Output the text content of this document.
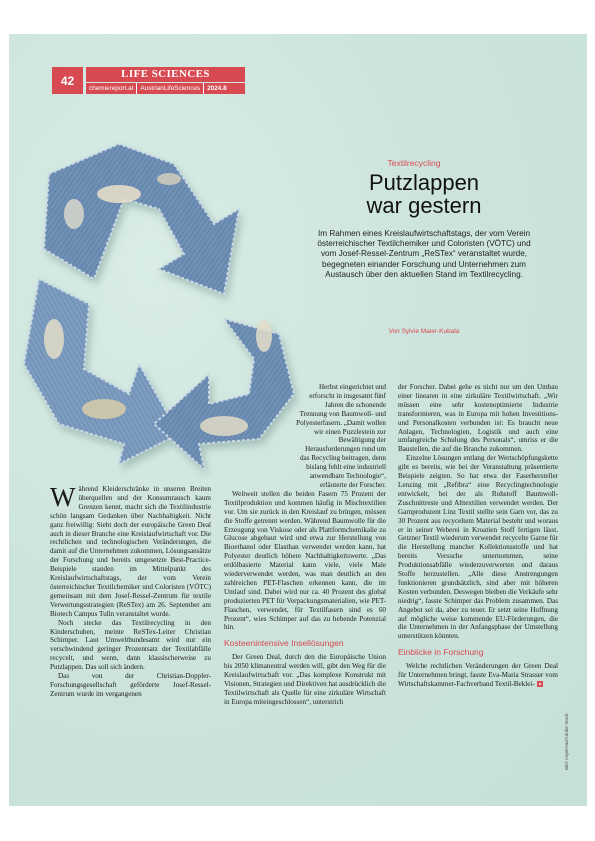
42	LIFE SCIENCES
chemiereport.at	AustrianLifeSciences	2024.8
Textilrecycling
Putzlappen
war gestern
Im Rahmen eines Kreislaufwirtschaftstags, der vom Verein österreichischer Textilchemiker und Coloristen (VÖTC) und vom Josef-Ressel-Zentrum „ReSTex“ veranstaltet wurde, begegneten einander Forschung und Unternehmen zum Austausch über den aktuellen Stand im Textilrecycling.
Von Sylvie Maier-Kubala

Während Kleiderschränke in unseren Breiten überquellen und der Konsumrausch kaum Grenzen kennt, macht sich die Textilindustrie schön langsam Gedanken über Nachhaltigkeit. Nicht ganz freiwillig: Sieht doch der europäische Green Deal auch in dieser Branche eine Kreislaufwirtschaft vor. Die rechtlichen und technologischen Veränderungen, die damit auf die Unternehmen zukommen, Lösungsansätze der Forschung und bereits umgesetzte Best-Practice-Beispiele standen im Mittelpunkt des Kreislaufwirtschaftstags, der vom Verein österreichischer Textilchemiker und Coloristen (VÖTC) gemeinsam mit dem Josef-Ressel-Zentrum für textile Verwertungsstrategien (ReSTex) am 26. September am Biotech Campus Tulln veranstaltet wurde.

Noch stecke das Textilrecycling in den Kinderschuhen, meinte ReSTex-Leiter Christian Schimper. Laut Umweltbundesamt wird nur ein verschwindend geringer Prozentsatz der Textilabfälle recycelt, und wenn, dann klassischerweise zu Putzlappen. Das soll sich ändern.

Das von der Christian-Doppler-Forschungsgesellschaft geförderte Josef-Ressel-Zentrum wurde im vergangenen

Herbst eingerichtet und erforscht in insgesamt fünf Jahren die schonende Trennung von Baumwoll- und Polyesterfasern. „Damit wollen wir einen Puzzlestein zur Bewältigung der Herausforderungen rund um das Recycling beitragen, denn bislang fehlt eine industriell anwendbare Technologie“, erläuterte der Forscher.

Weltweit stellen die beiden Fasern 75 Prozent der Textilproduktion und kommen häufig in Mischtextilien vor. Um sie zurück in den Kreislauf zu bringen, müssen die Stoffe getrennt werden. Während Baumwolle für die Erzeugung von Viskose oder als Plattformchemikalie zu Glucose abgebaut wird und etwa zur Herstellung von Bioethanol oder Elasthan verwendet werden kann, hat Polyester deutlich höhere Nachhaltigkeitswerte. „Das erdölbasierte Material kann viele, viele Male wiederverwendet werden, was man deutlich an den zahlreichen PET-Flaschen erkennen kann, die im Umlauf sind. Dabei wird nur ca. 40 Prozent des global produzierten PET für Verpackungsmaterialien, wie PET-Flaschen, verwendet, für Textilfasern sind es 60 Prozent“, wies Schimper auf das zu hebende Potenzial hin.

Kosteenintensive Insellösungen

Der Green Deal, durch den die Europäische Union bis 2050 klimaneutral werden will, gibt den Weg für die Kreislaufwirtschaft vor. „Das komplexe Konstrukt mit Visionen, Strategien und Direktiven hat ausdrücklich die Textilwirtschaft als Quelle für eine zirkuläre Wirtschaft in Europa miteingeschlossen“, unterstrich

der Forscher. Dabei gehe es nicht nur um den Umbau einer linearen in eine zirkuläre Textilwirtschaft. „Wir müssen eine sehr kostenoptimierte Industrie transformieren, was in Europa mit hohen Investitions- und Personalkosten verbunden ist: Es braucht neue Anlagen, Technologien, Logistik und auch eine umfangreiche Schulung des Personals“, umriss er die Baustellen, die auf die Branche zukommen.

Einzelne Lösungen entlang der Wertschöpfungskette gibt es bereits, wie bei der Veranstaltung präsentierte Beispiele zeigten. So hat etwa der Faserhersteller Lenzing mit „Refibra“ eine Recyclingtechnologie entwickelt, bei der als Rohstoff Baumwoll-Zuschnittreste und Alttextilien verwendet werden. Der Garnproduzent Linz Textil stellte sein Garn vor, das zu 30 Prozent aus recyceltem Material besteht und woraus er in seiner Weberei in Kroatien Stoff fertigen lässt. Getzner Textil wiederum verwendet recycelte Garne für die Herstellung mancher Kollektionsstoffe und hat bereits Versuche unternommen, seine Produktionsabfälle wiederzuverwerten und daraus Stoffe herzustellen. „Alle diese Anstrengungen funktionieren grundsätzlich, sind aber mit höheren Kosten verbunden. Deswegen bleiben die Verkäufe sehr niedrig“, fasste Schimper das Problem zusammen. Das Angebot sei da, aber zu teuer. Er setzt seine Hoffnung auf mögliche weise kommende EU-Förderungen, die die Unternehmen in der Anfangsphase der Umstellung unterstützen könnten.

Einblicke in Forschung

Welche rechtlichen Veränderungen der Green Deal für Unternehmen bringt, fasste Eva-Maria Strasser vom Wirtschaftskammer-Fachverband Textil-Beklei-

Bild: Aspernaz/Adobe Stock
